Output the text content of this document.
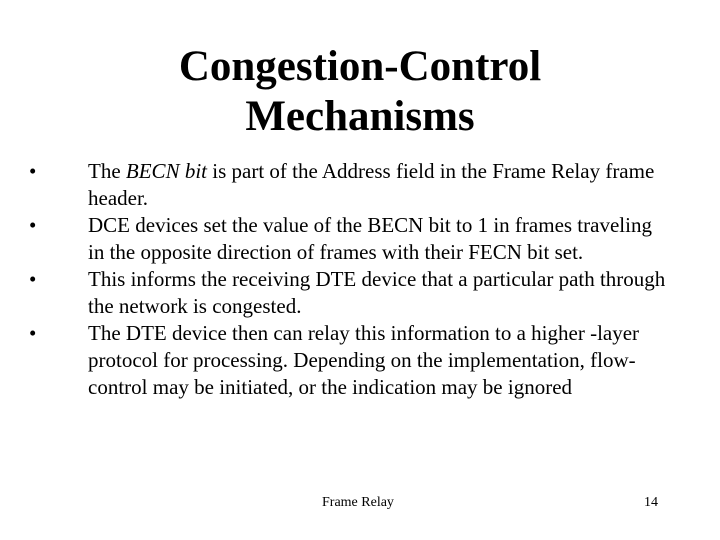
Congestion-Control
Mechanisms
•	The BECN bit is part of the Address field in the Frame Relay frame header.
•	DCE devices set the value of the BECN bit to 1 in frames traveling in the opposite direction of frames with their FECN bit set.
•	This informs the receiving DTE device that a particular path through the network is congested.
•	The DTE device then can relay this information to a higher -layer protocol for processing. Depending on the implementation, flow-control may be initiated, or the indication may be ignored
Frame Relay	14
